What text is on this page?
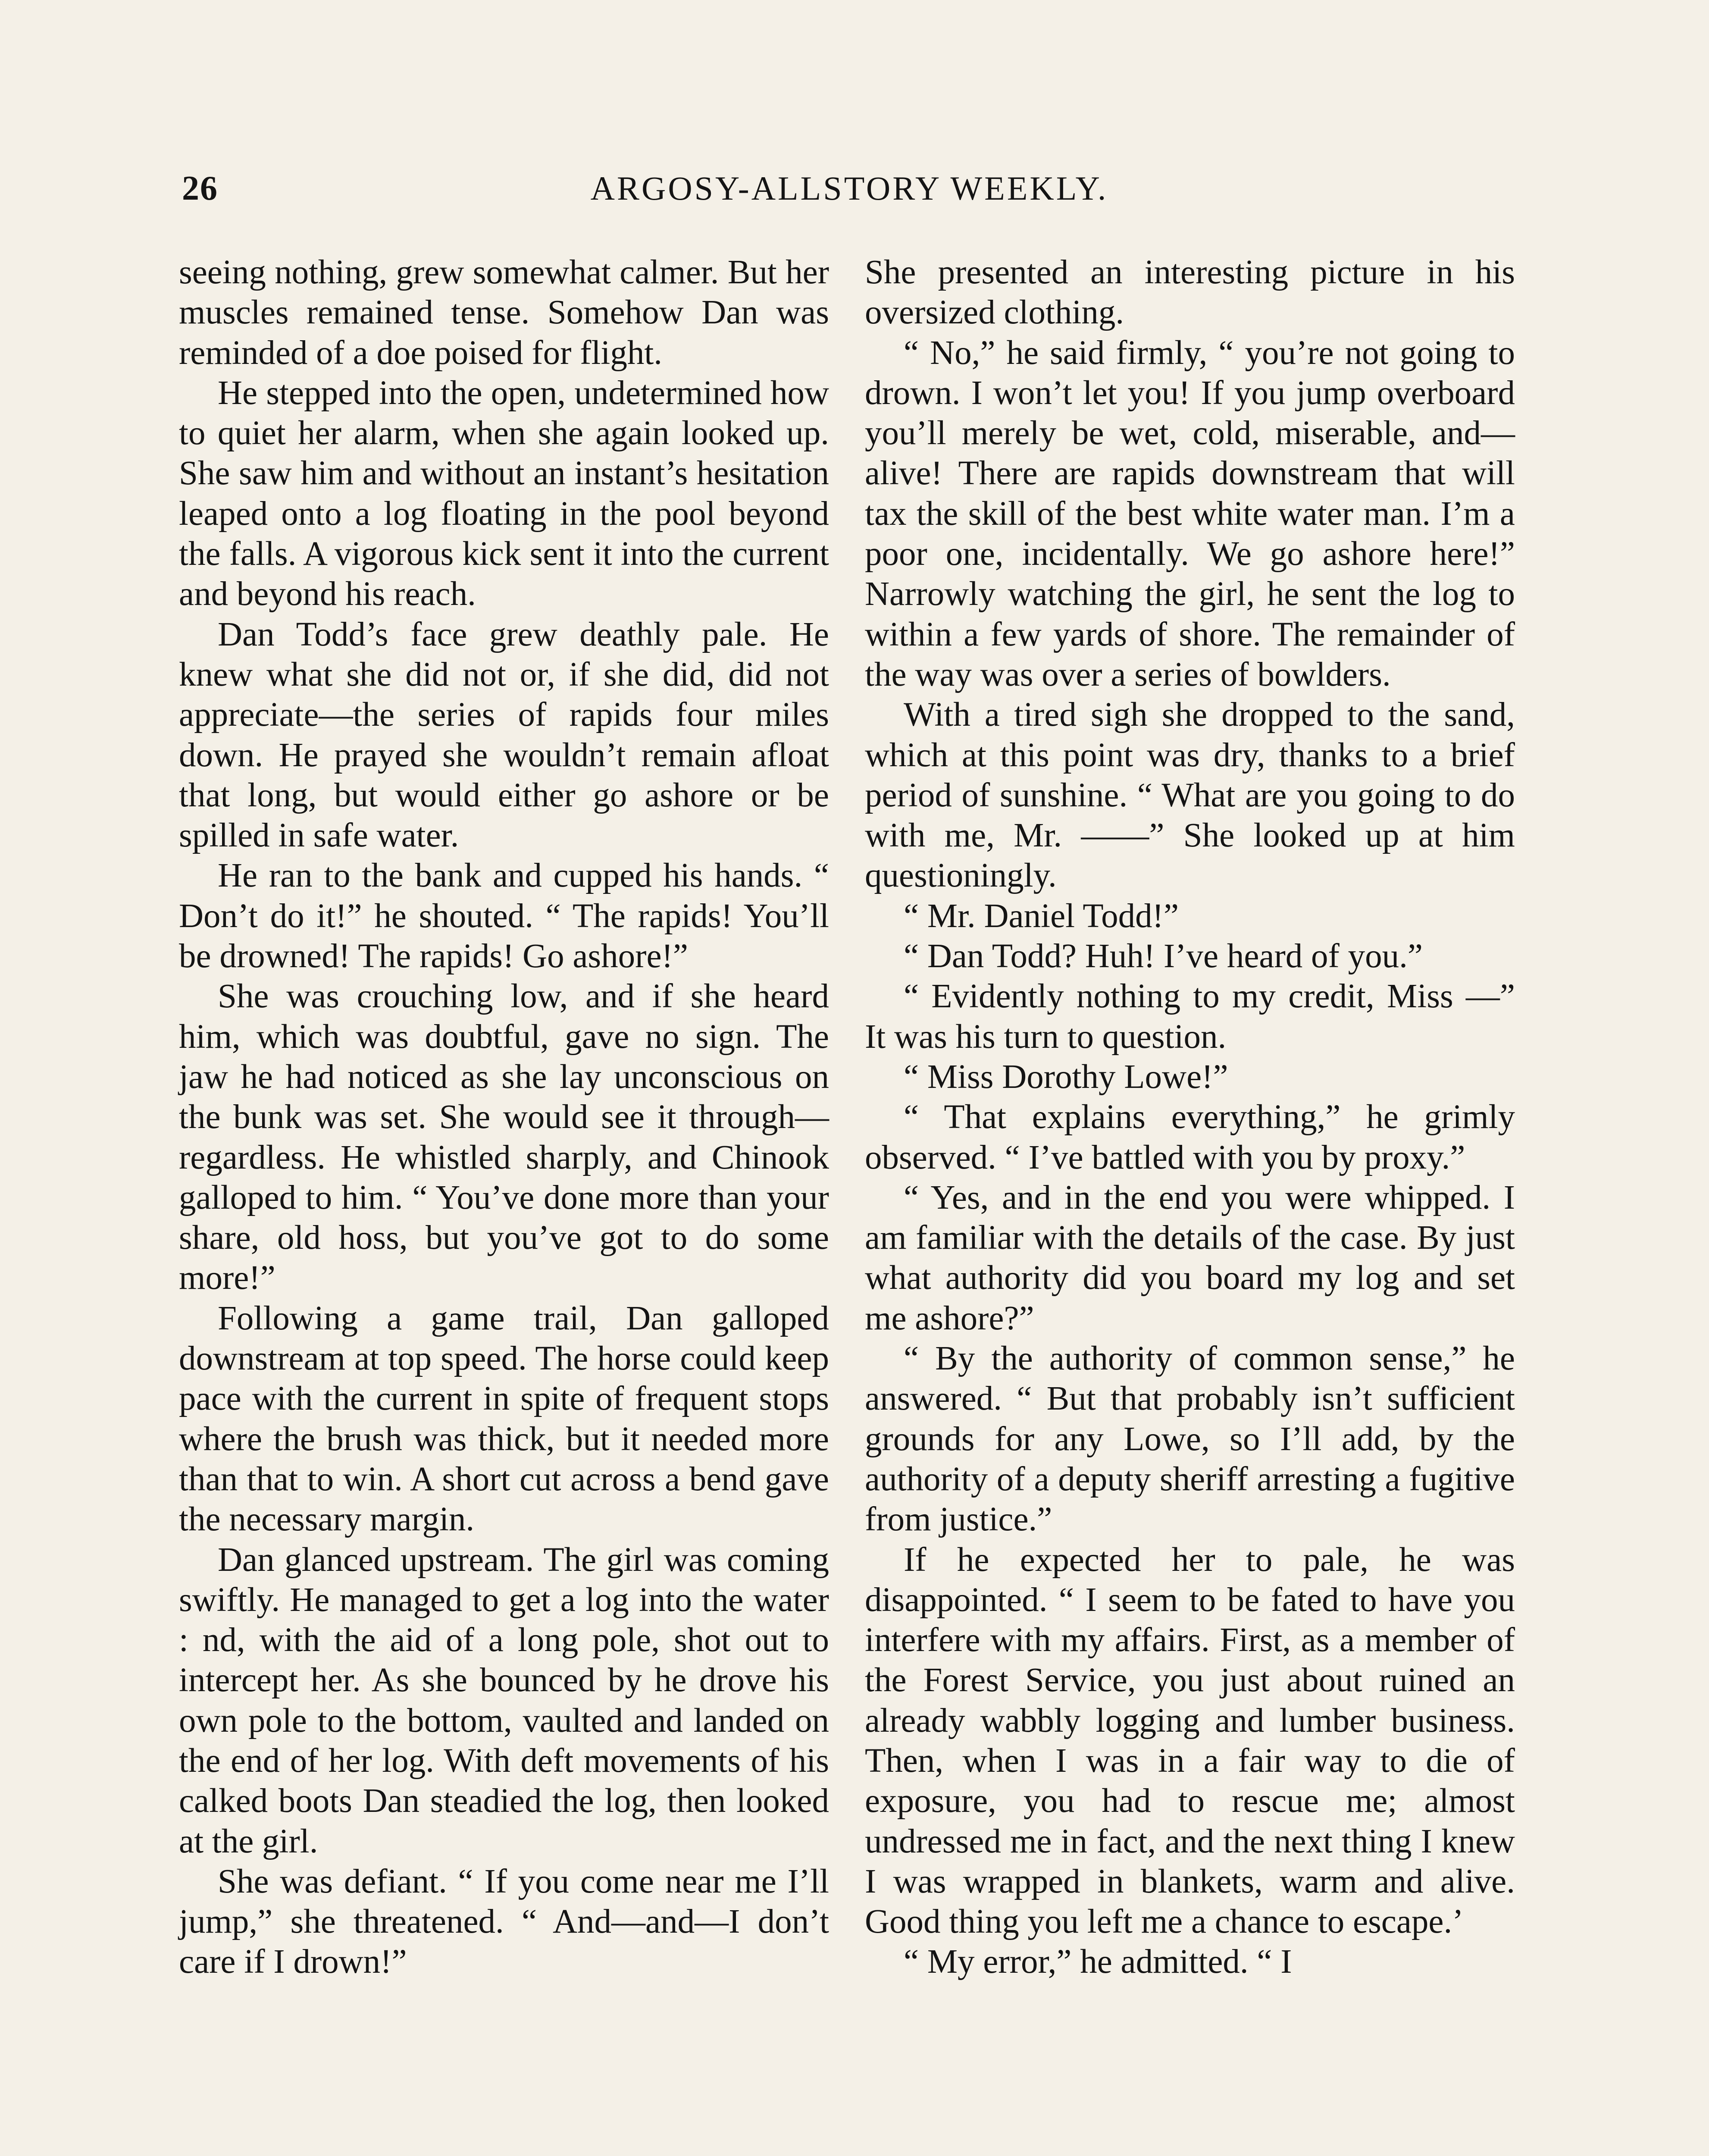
26	ARGOSY-ALLSTORY WEEKLY.

seeing nothing, grew somewhat calmer. But her muscles remained tense. Somehow Dan was reminded of a doe poised for flight.

He stepped into the open, undetermined how to quiet her alarm, when she again looked up. She saw him and without an instant’s hesitation leaped onto a log floating in the pool beyond the falls. A vigorous kick sent it into the current and beyond his reach.

Dan Todd’s face grew deathly pale. He knew what she did not or, if she did, did not appreciate—the series of rapids four miles down. He prayed she wouldn’t remain afloat that long, but would either go ashore or be spilled in safe water.

He ran to the bank and cupped his hands. “ Don’t do it!” he shouted. “ The rapids! You’ll be drowned! The rapids! Go ashore!”

She was crouching low, and if she heard him, which was doubtful, gave no sign. The jaw he had noticed as she lay unconscious on the bunk was set. She would see it through—regardless. He whistled sharply, and Chinook galloped to him. “ You’ve done more than your share, old hoss, but you’ve got to do some more!”

Following a game trail, Dan galloped downstream at top speed. The horse could keep pace with the current in spite of frequent stops where the brush was thick, but it needed more than that to win. A short cut across a bend gave the necessary margin.

Dan glanced upstream. The girl was coming swiftly. He managed to get a log into the water : nd, with the aid of a long pole, shot out to intercept her. As she bounced by he drove his own pole to the bottom, vaulted and landed on the end of her log. With deft movements of his calked boots Dan steadied the log, then looked at the girl.

She was defiant. “ If you come near me I’ll jump,” she threatened. “ And—and—I don’t care if I drown!”

She presented an interesting picture in his oversized clothing.

“ No,” he said firmly, “ you’re not going to drown. I won’t let you! If you jump overboard you’ll merely be wet, cold, miserable, and—alive! There are rapids downstream that will tax the skill of the best white water man. I’m a poor one, incidentally. We go ashore here!” Narrowly watching the girl, he sent the log to within a few yards of shore. The remainder of the way was over a series of bowlders.

With a tired sigh she dropped to the sand, which at this point was dry, thanks to a brief period of sunshine. “ What are you going to do with me, Mr. ——” She looked up at him questioningly.

“ Mr. Daniel Todd!”

“ Dan Todd? Huh! I’ve heard of you.”

“ Evidently nothing to my credit, Miss —” It was his turn to question.

“ Miss Dorothy Lowe!”

“ That explains everything,” he grimly observed. “ I’ve battled with you by proxy.”

“ Yes, and in the end you were whipped. I am familiar with the details of the case. By just what authority did you board my log and set me ashore?”

“ By the authority of common sense,” he answered. “ But that probably isn’t sufficient grounds for any Lowe, so I’ll add, by the authority of a deputy sheriff arresting a fugitive from justice.”

If he expected her to pale, he was disappointed. “ I seem to be fated to have you interfere with my affairs. First, as a member of the Forest Service, you just about ruined an already wabbly logging and lumber business. Then, when I was in a fair way to die of exposure, you had to rescue me; almost undressed me in fact, and the next thing I knew I was wrapped in blankets, warm and alive. Good thing you left me a chance to escape.’

“ My error,” he admitted. “ I
